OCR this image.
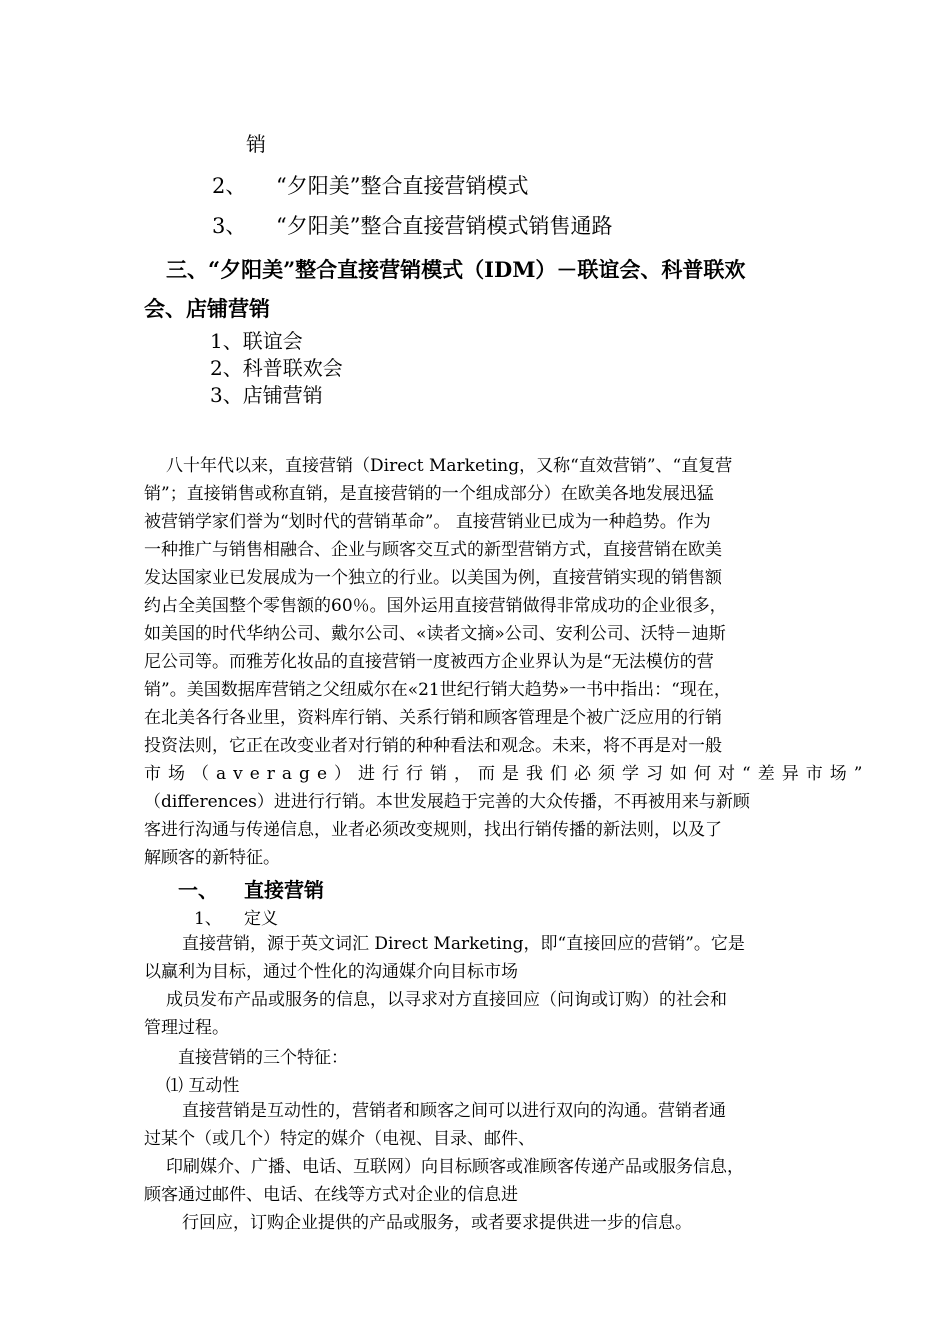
销
2、 “夕阳美”整合直接营销模式
3、 “夕阳美”整合直接营销模式销售通路
三、“夕阳美”整合直接营销模式（IDM）－联谊会、科普联欢
会、店铺营销
1、联谊会
2、科普联欢会
3、店铺营销
八十年代以来，直接营销（Direct Marketing，又称“直效营销”、“直复营
销”；直接销售或称直销，是直接营销的一个组成部分）在欧美各地发展迅猛
被营销学家们誉为“划时代的营销革命”。 直接营销业已成为一种趋势。作为
一种推广与销售相融合、企业与顾客交互式的新型营销方式，直接营销在欧美
发达国家业已发展成为一个独立的行业。以美国为例，直接营销实现的销售额
约占全美国整个零售额的60％。国外运用直接营销做得非常成功的企业很多，
如美国的时代华纳公司、戴尔公司、«读者文摘»公司、安利公司、沃特－迪斯
尼公司等。而雅芳化妆品的直接营销一度被西方企业界认为是“无法模仿的营
销”。美国数据库营销之父纽威尔在«21世纪行销大趋势»一书中指出：“现在，
在北美各行各业里，资料库行销、关系行销和顾客管理是个被广泛应用的行销
投资法则，它正在改变业者对行销的种种看法和观念。未来，将不再是对一般
市场（average）进行行销，而是我们必须学习如何对“差异市场”
（differences）进进行行销。本世发展趋于完善的大众传播，不再被用来与新顾
客进行沟通与传递信息，业者必须改变规则，找出行销传播的新法则，以及了
解顾客的新特征。
一、 直接营销
1、 定义
直接营销，源于英文词汇 Direct Marketing，即“直接回应的营销”。它是
以赢利为目标，通过个性化的沟通媒介向目标市场
成员发布产品或服务的信息，以寻求对方直接回应（问询或订购）的社会和
管理过程。
直接营销的三个特征：
⑴ 互动性
直接营销是互动性的，营销者和顾客之间可以进行双向的沟通。营销者通
过某个（或几个）特定的媒介（电视、目录、邮件、
印刷媒介、广播、电话、互联网）向目标顾客或准顾客传递产品或服务信息，
顾客通过邮件、电话、在线等方式对企业的信息进
行回应，订购企业提供的产品或服务，或者要求提供进一步的信息。
